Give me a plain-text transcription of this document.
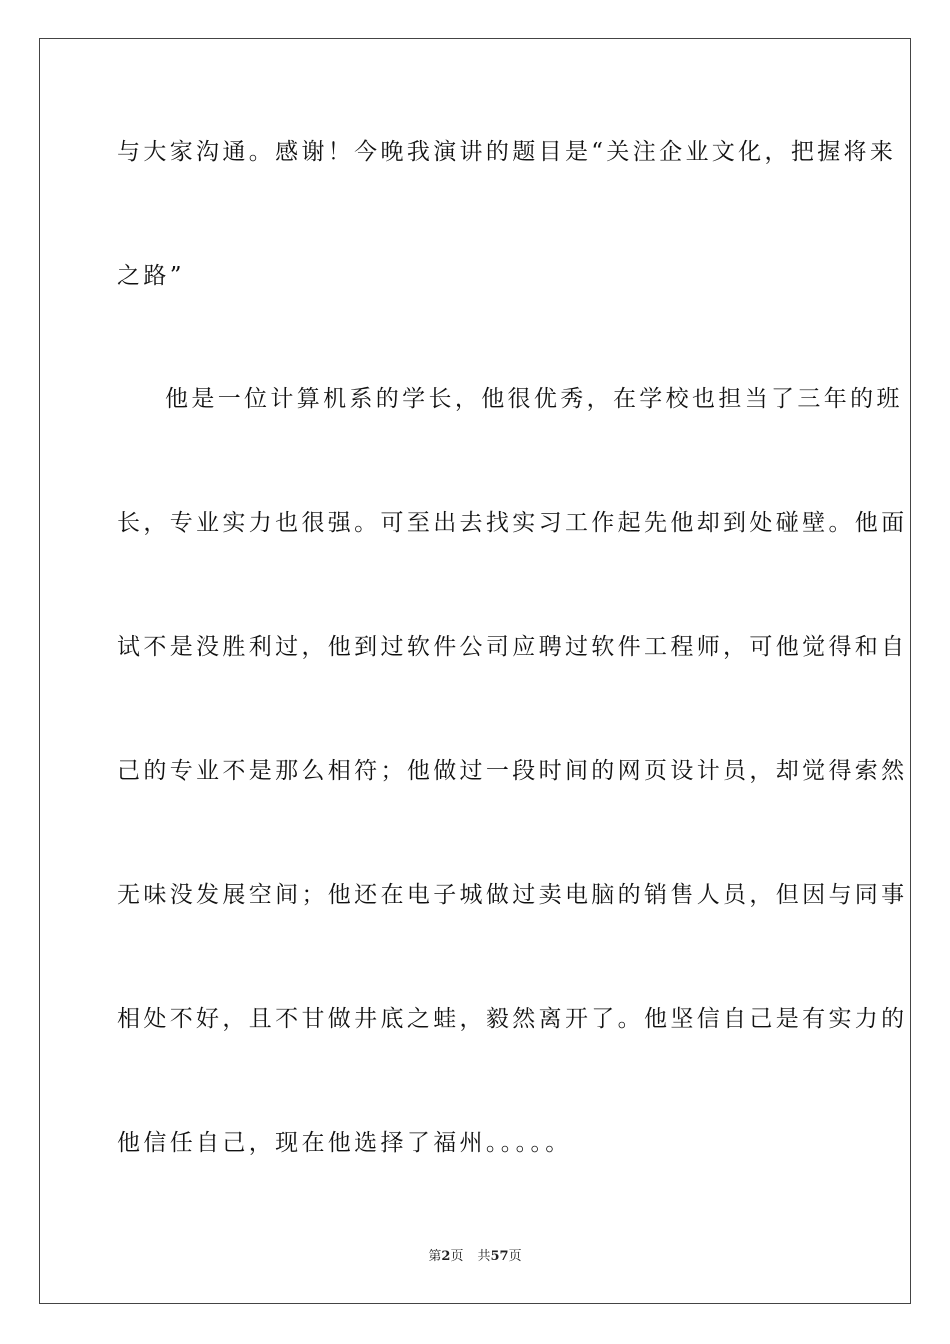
与大家沟通。感谢！今晚我演讲的题目是“关注企业文化，把握将来
之路”
他是一位计算机系的学长，他很优秀，在学校也担当了三年的班
长，专业实力也很强。可至出去找实习工作起先他却到处碰壁。他面
试不是没胜利过，他到过软件公司应聘过软件工程师，可他觉得和自
己的专业不是那么相符；他做过一段时间的网页设计员，却觉得索然
无味没发展空间；他还在电子城做过卖电脑的销售人员，但因与同事
相处不好，且不甘做井底之蛙，毅然离开了。他坚信自己是有实力的
他信任自己，现在他选择了福州。。。。。
第2页 共57页
